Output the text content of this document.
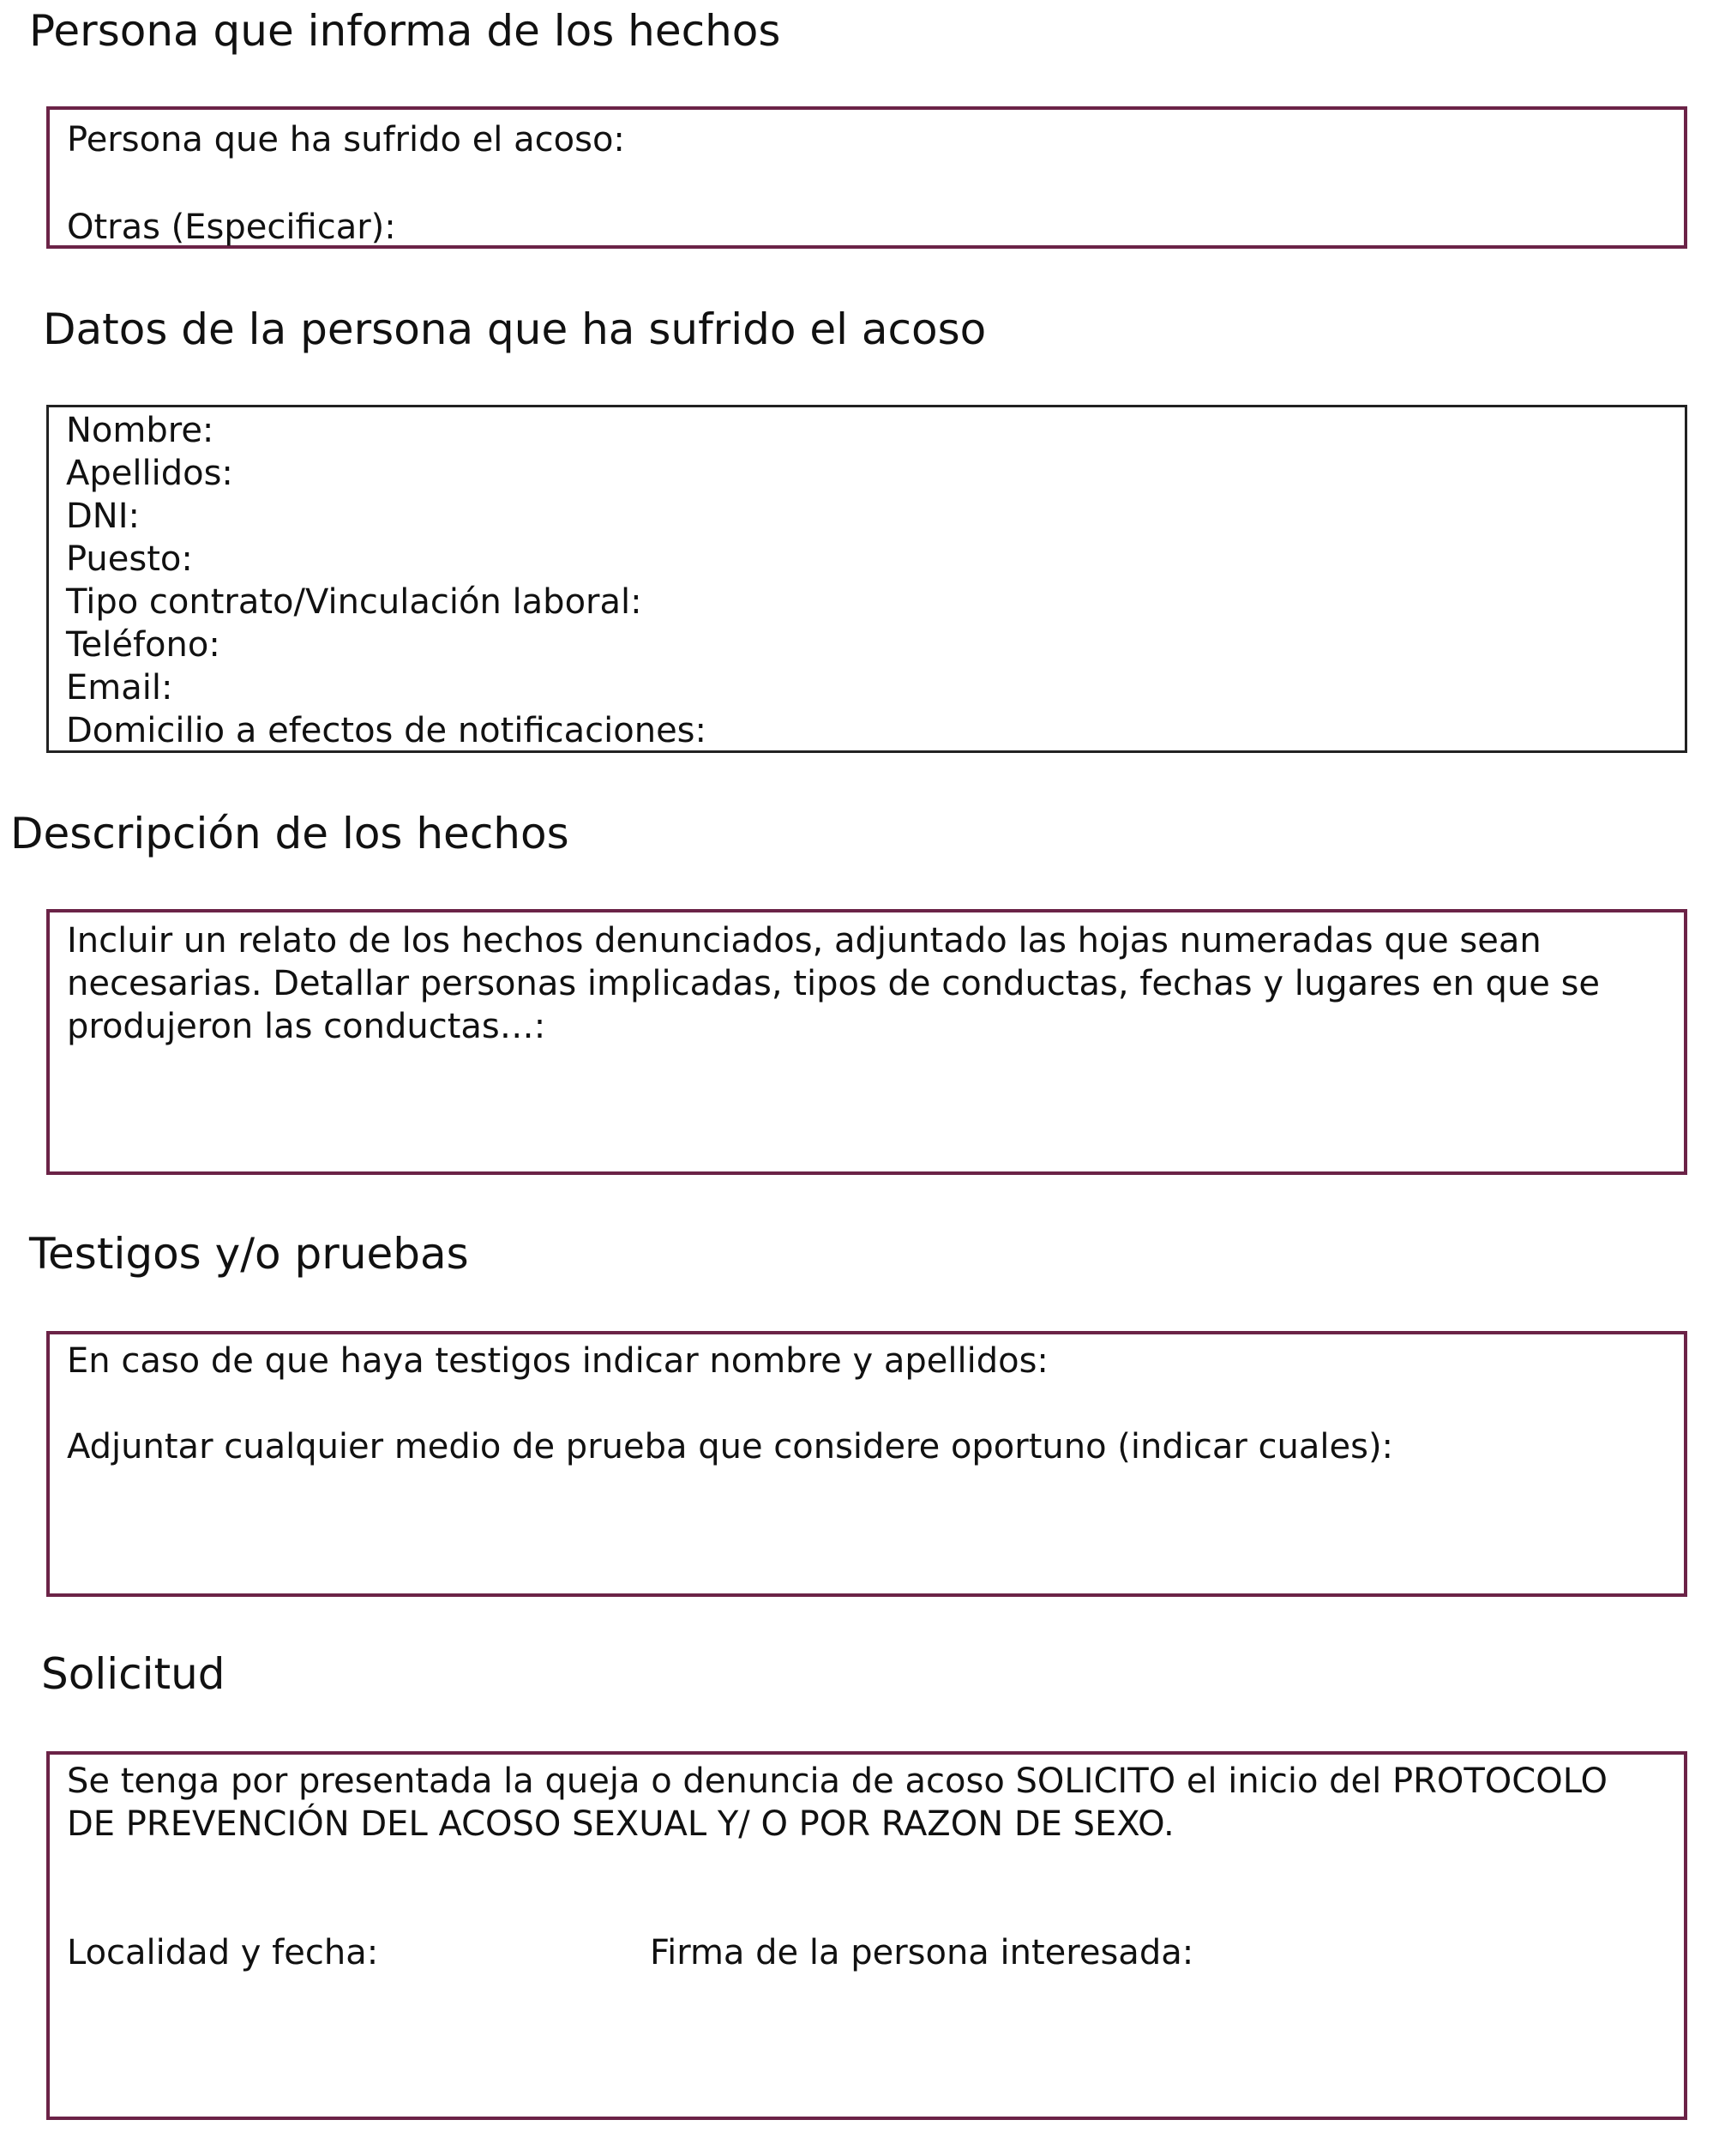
Persona que informa de los hechos

Persona que ha sufrido el acoso:

Otras (Especificar):

Datos de la persona que ha sufrido el acoso

Nombre:

Apellidos:

DNI:

Puesto:

Tipo contrato/Vinculación laboral:

Teléfono:

Email:

Domicilio a efectos de notificaciones:

Descripción de los hechos

Incluir un relato de los hechos denunciados, adjuntado las hojas numeradas que sean necesarias. Detallar personas implicadas, tipos de conductas, fechas y lugares en que se produjeron las conductas…:

Testigos y/o pruebas

En caso de que haya testigos indicar nombre y apellidos:

Adjuntar cualquier medio de prueba que considere oportuno (indicar cuales):

Solicitud

Se tenga por presentada la queja o denuncia de acoso SOLICITO el inicio del PROTOCOLO DE PREVENCIÓN DEL ACOSO SEXUAL Y/ O POR RAZON DE SEXO.

Localidad y fecha:	Firma de la persona interesada:
